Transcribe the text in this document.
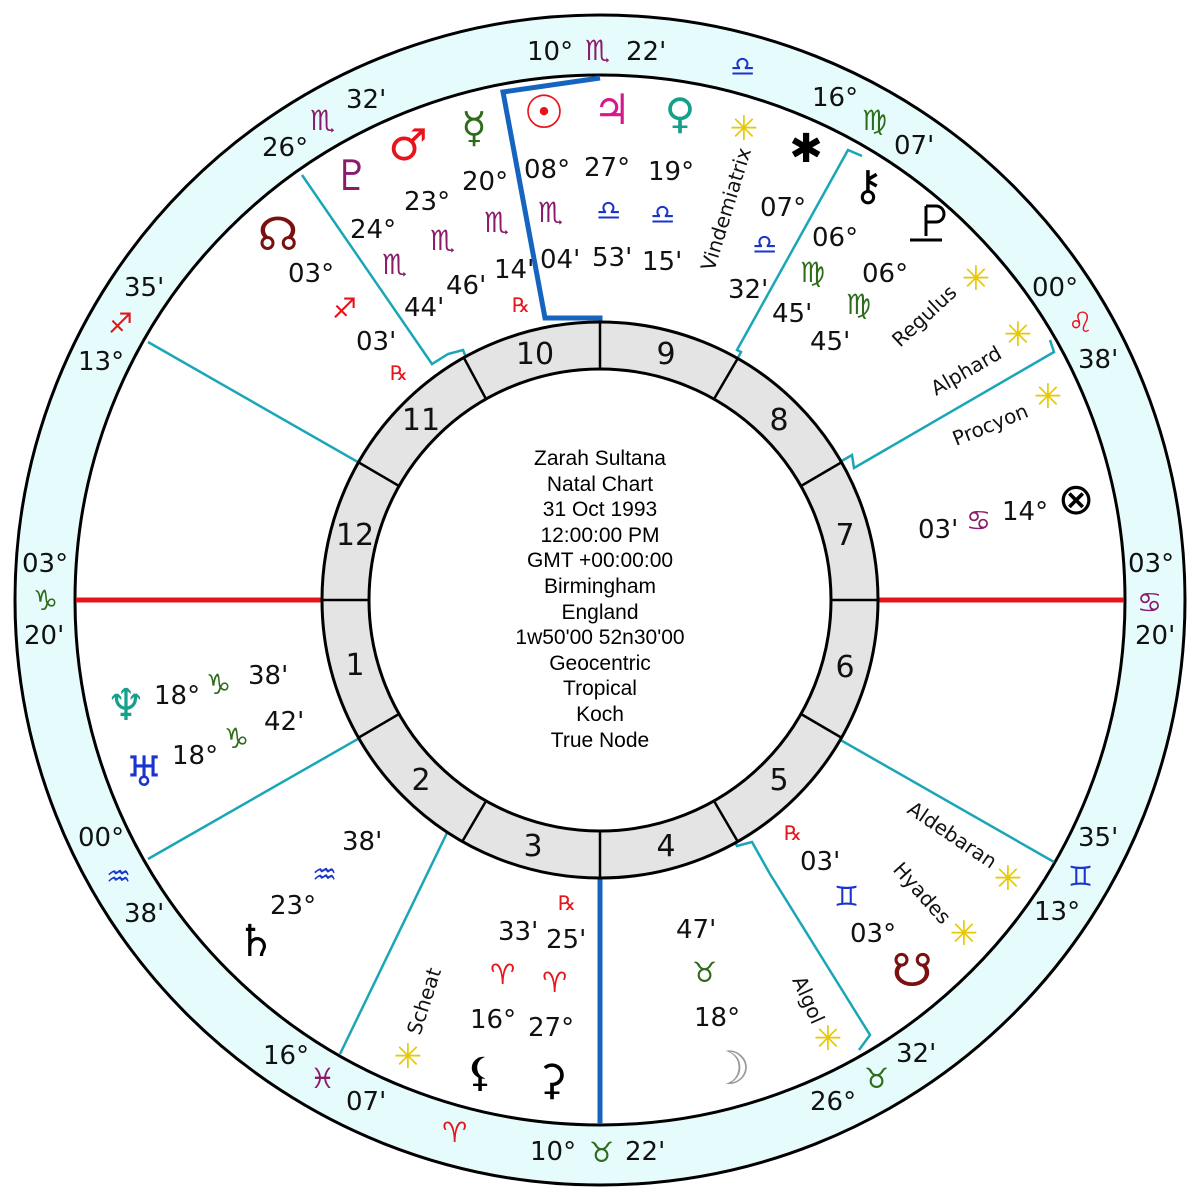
1
2
3	4
5
6
7
8
9
10
11
12
10° ♏ 22'
10° ♉ 22'
03°
♑
20'
03°
♋
20'
26°
♏
32'
35'
♐
13°
00°
♒
38'
16°
♓
07'	26°
♉
32'
35'
♊
13°
00°
♌
38'
16°
♍
07'
♎
♈
✳
Vindemiatrix
✳
Regulus ✳
Alphard ✳
Procyon
✳
Aldebaran
✳
Hyades
✳
Algol
✳
Scheat
☉
08°
♏
04'
♃
27°
♎
53'
♀
19°
♎
15'
☿
20°
♏
14'
℞
♂
23°
♏
46'
♇
24°
♏
44'
☊
03°
♐
03'
℞
✱
07°
♎
32'
⚷
06°
♍
45'
06°
♍
45'
⊗
14°
♋
03'
♆ 18° ♑ 38'
♅ 18°
♑ 42'
♄
23°
♒
38'
⚸
16°
♈
33'
⚳
27°
♈
25'
℞
☽
18°
♉
47'
☋
03°
♊
03'
℞
Zarah Sultana
Natal Chart
31 Oct 1993
12:00:00 PM
GMT +00:00:00
Birmingham
England
1w50'00 52n30'00
Geocentric
Tropical
Koch
True Node
